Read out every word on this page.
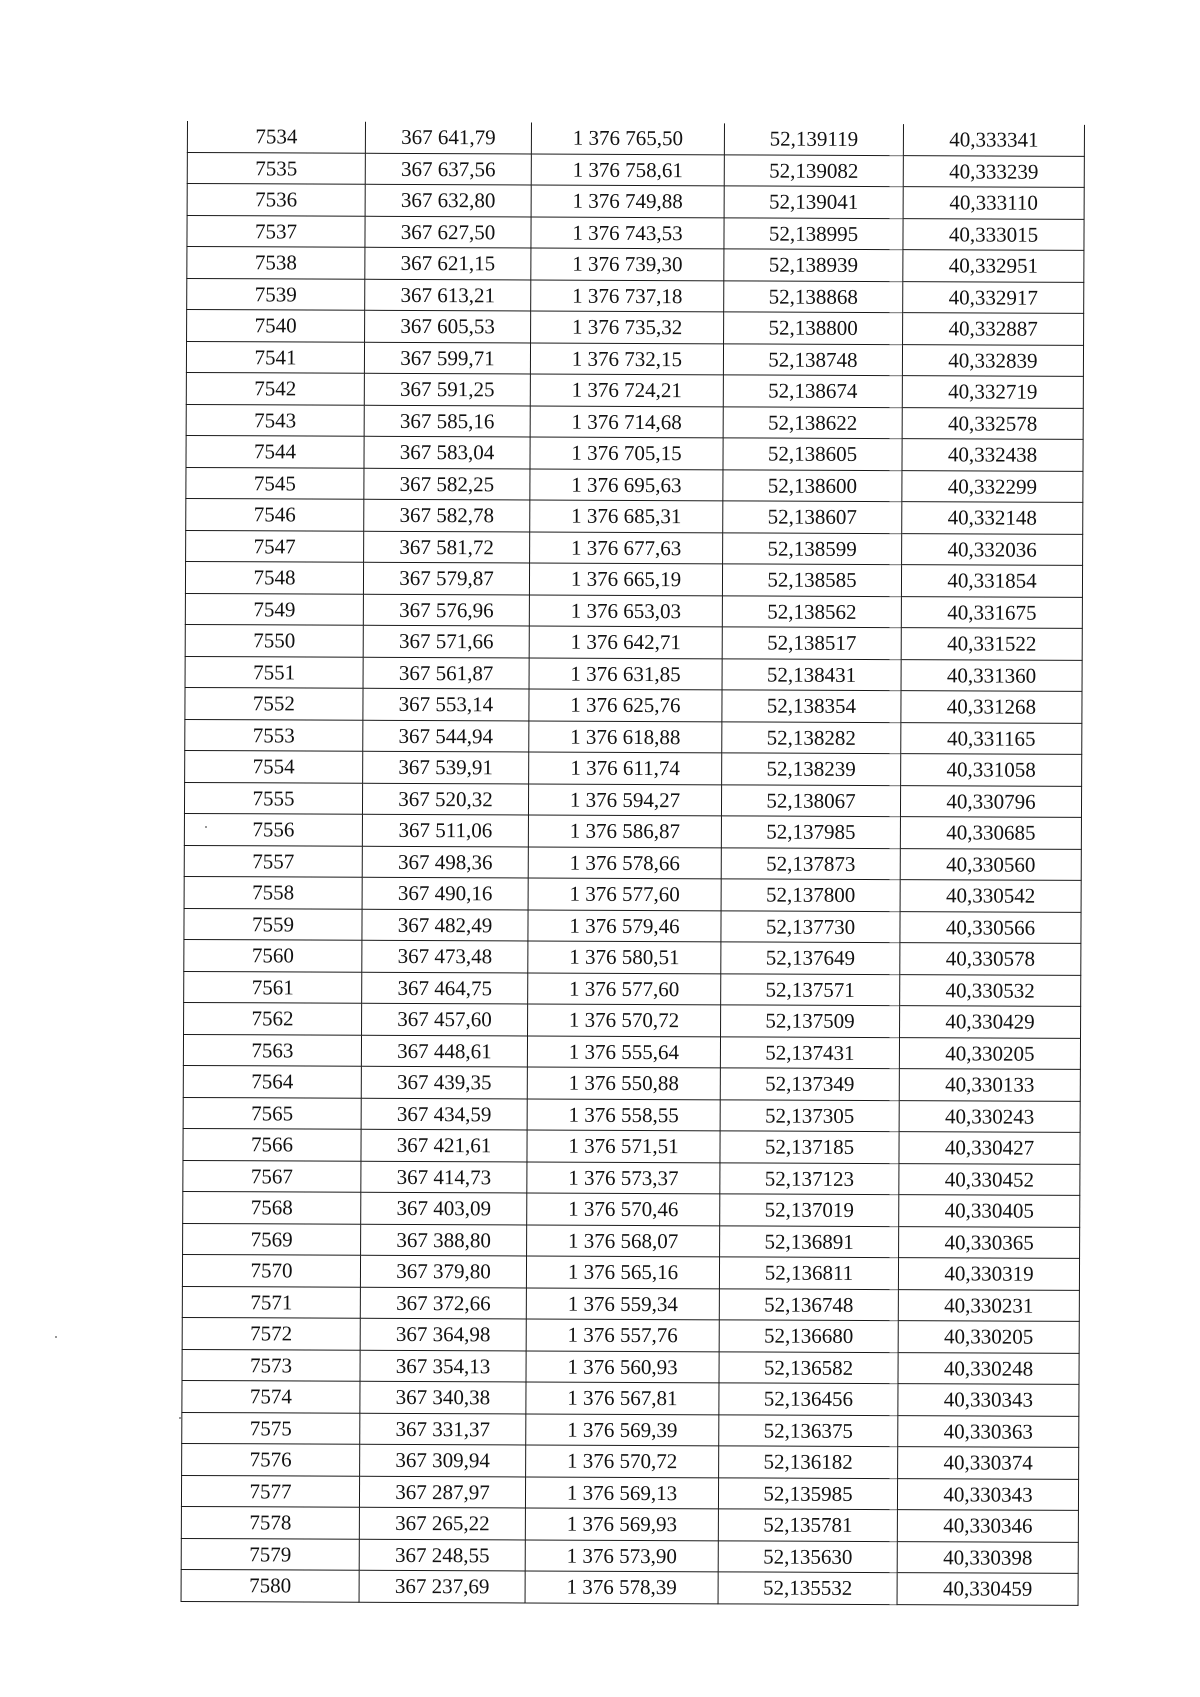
7534	367 641,79	1 376 765,50	52,139119	40,333341
7535	367 637,56	1 376 758,61	52,139082	40,333239
7536	367 632,80	1 376 749,88	52,139041	40,333110
7537	367 627,50	1 376 743,53	52,138995	40,333015
7538	367 621,15	1 376 739,30	52,138939	40,332951
7539	367 613,21	1 376 737,18	52,138868	40,332917
7540	367 605,53	1 376 735,32	52,138800	40,332887
7541	367 599,71	1 376 732,15	52,138748	40,332839
7542	367 591,25	1 376 724,21	52,138674	40,332719
7543	367 585,16	1 376 714,68	52,138622	40,332578
7544	367 583,04	1 376 705,15	52,138605	40,332438
7545	367 582,25	1 376 695,63	52,138600	40,332299
7546	367 582,78	1 376 685,31	52,138607	40,332148
7547	367 581,72	1 376 677,63	52,138599	40,332036
7548	367 579,87	1 376 665,19	52,138585	40,331854
7549	367 576,96	1 376 653,03	52,138562	40,331675
7550	367 571,66	1 376 642,71	52,138517	40,331522
7551	367 561,87	1 376 631,85	52,138431	40,331360
7552	367 553,14	1 376 625,76	52,138354	40,331268
7553	367 544,94	1 376 618,88	52,138282	40,331165
7554	367 539,91	1 376 611,74	52,138239	40,331058
7555	367 520,32	1 376 594,27	52,138067	40,330796
7556	367 511,06	1 376 586,87	52,137985	40,330685
7557	367 498,36	1 376 578,66	52,137873	40,330560
7558	367 490,16	1 376 577,60	52,137800	40,330542
7559	367 482,49	1 376 579,46	52,137730	40,330566
7560	367 473,48	1 376 580,51	52,137649	40,330578
7561	367 464,75	1 376 577,60	52,137571	40,330532
7562	367 457,60	1 376 570,72	52,137509	40,330429
7563	367 448,61	1 376 555,64	52,137431	40,330205
7564	367 439,35	1 376 550,88	52,137349	40,330133
7565	367 434,59	1 376 558,55	52,137305	40,330243
7566	367 421,61	1 376 571,51	52,137185	40,330427
7567	367 414,73	1 376 573,37	52,137123	40,330452
7568	367 403,09	1 376 570,46	52,137019	40,330405
7569	367 388,80	1 376 568,07	52,136891	40,330365
7570	367 379,80	1 376 565,16	52,136811	40,330319
7571	367 372,66	1 376 559,34	52,136748	40,330231
7572	367 364,98	1 376 557,76	52,136680	40,330205
7573	367 354,13	1 376 560,93	52,136582	40,330248
7574	367 340,38	1 376 567,81	52,136456	40,330343
7575	367 331,37	1 376 569,39	52,136375	40,330363
7576	367 309,94	1 376 570,72	52,136182	40,330374
7577	367 287,97	1 376 569,13	52,135985	40,330343
7578	367 265,22	1 376 569,93	52,135781	40,330346
7579	367 248,55	1 376 573,90	52,135630	40,330398
7580	367 237,69	1 376 578,39	52,135532	40,330459
